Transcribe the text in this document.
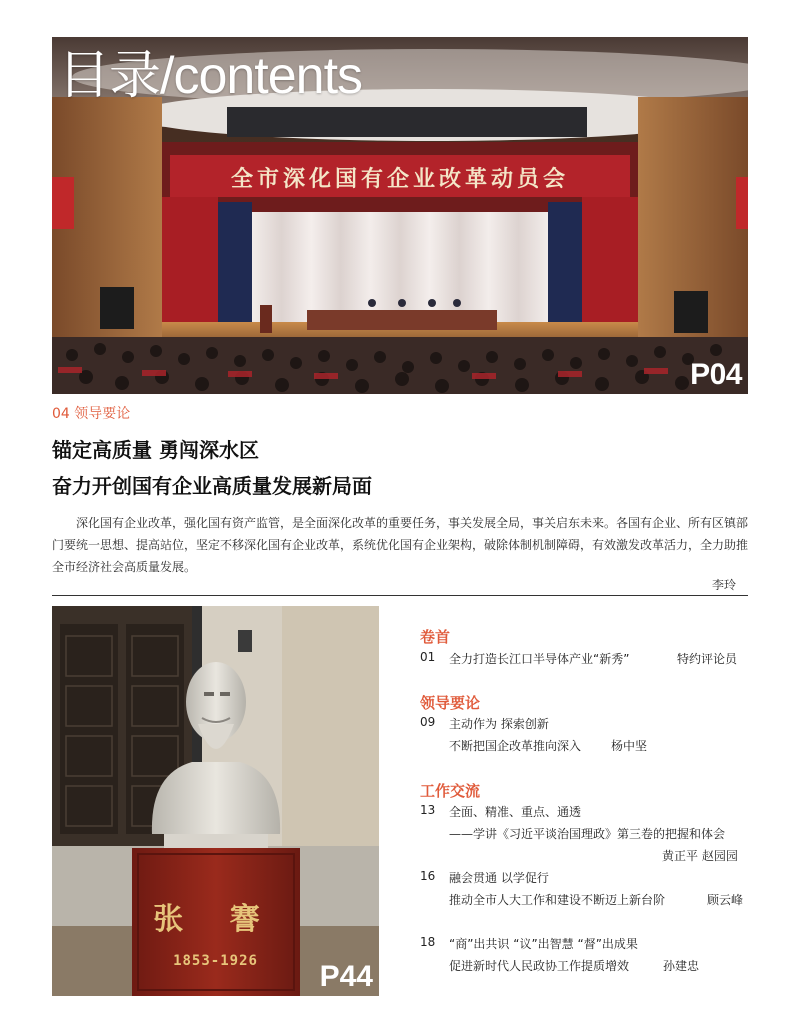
全市深化国有企业改革动员会
目录/contents
P04
04 领导要论
锚定高质量 勇闯深水区
奋力开创国有企业高质量发展新局面

深化国有企业改革，强化国有资产监管，是全面深化改革的重要任务，事关发展全局，事关启东未来。各国有企业、所有区镇部门要统一思想、提高站位，坚定不移深化国有企业改革，系统优化国有企业架构，破除体制机制障碍，有效激发改革活力，全力助推全市经济社会高质量发展。

李玲
张 謇
1853-1926	P44
卷首
01 全力打造长江口半导体产业“新秀”	特约评论员
领导要论
09 主动作为 探索创新
不断把国企改革推向深入 杨中坚
工作交流
13 全面、精准、重点、通透
——学讲《习近平谈治国理政》第三卷的把握和体会
黄正平 赵园园
16 融会贯通 以学促行
推动全市人大工作和建设不断迈上新台阶	顾云峰
18 “商”出共识 “议”出智慧 “督”出成果
促进新时代人民政协工作提质增效	孙建忠
